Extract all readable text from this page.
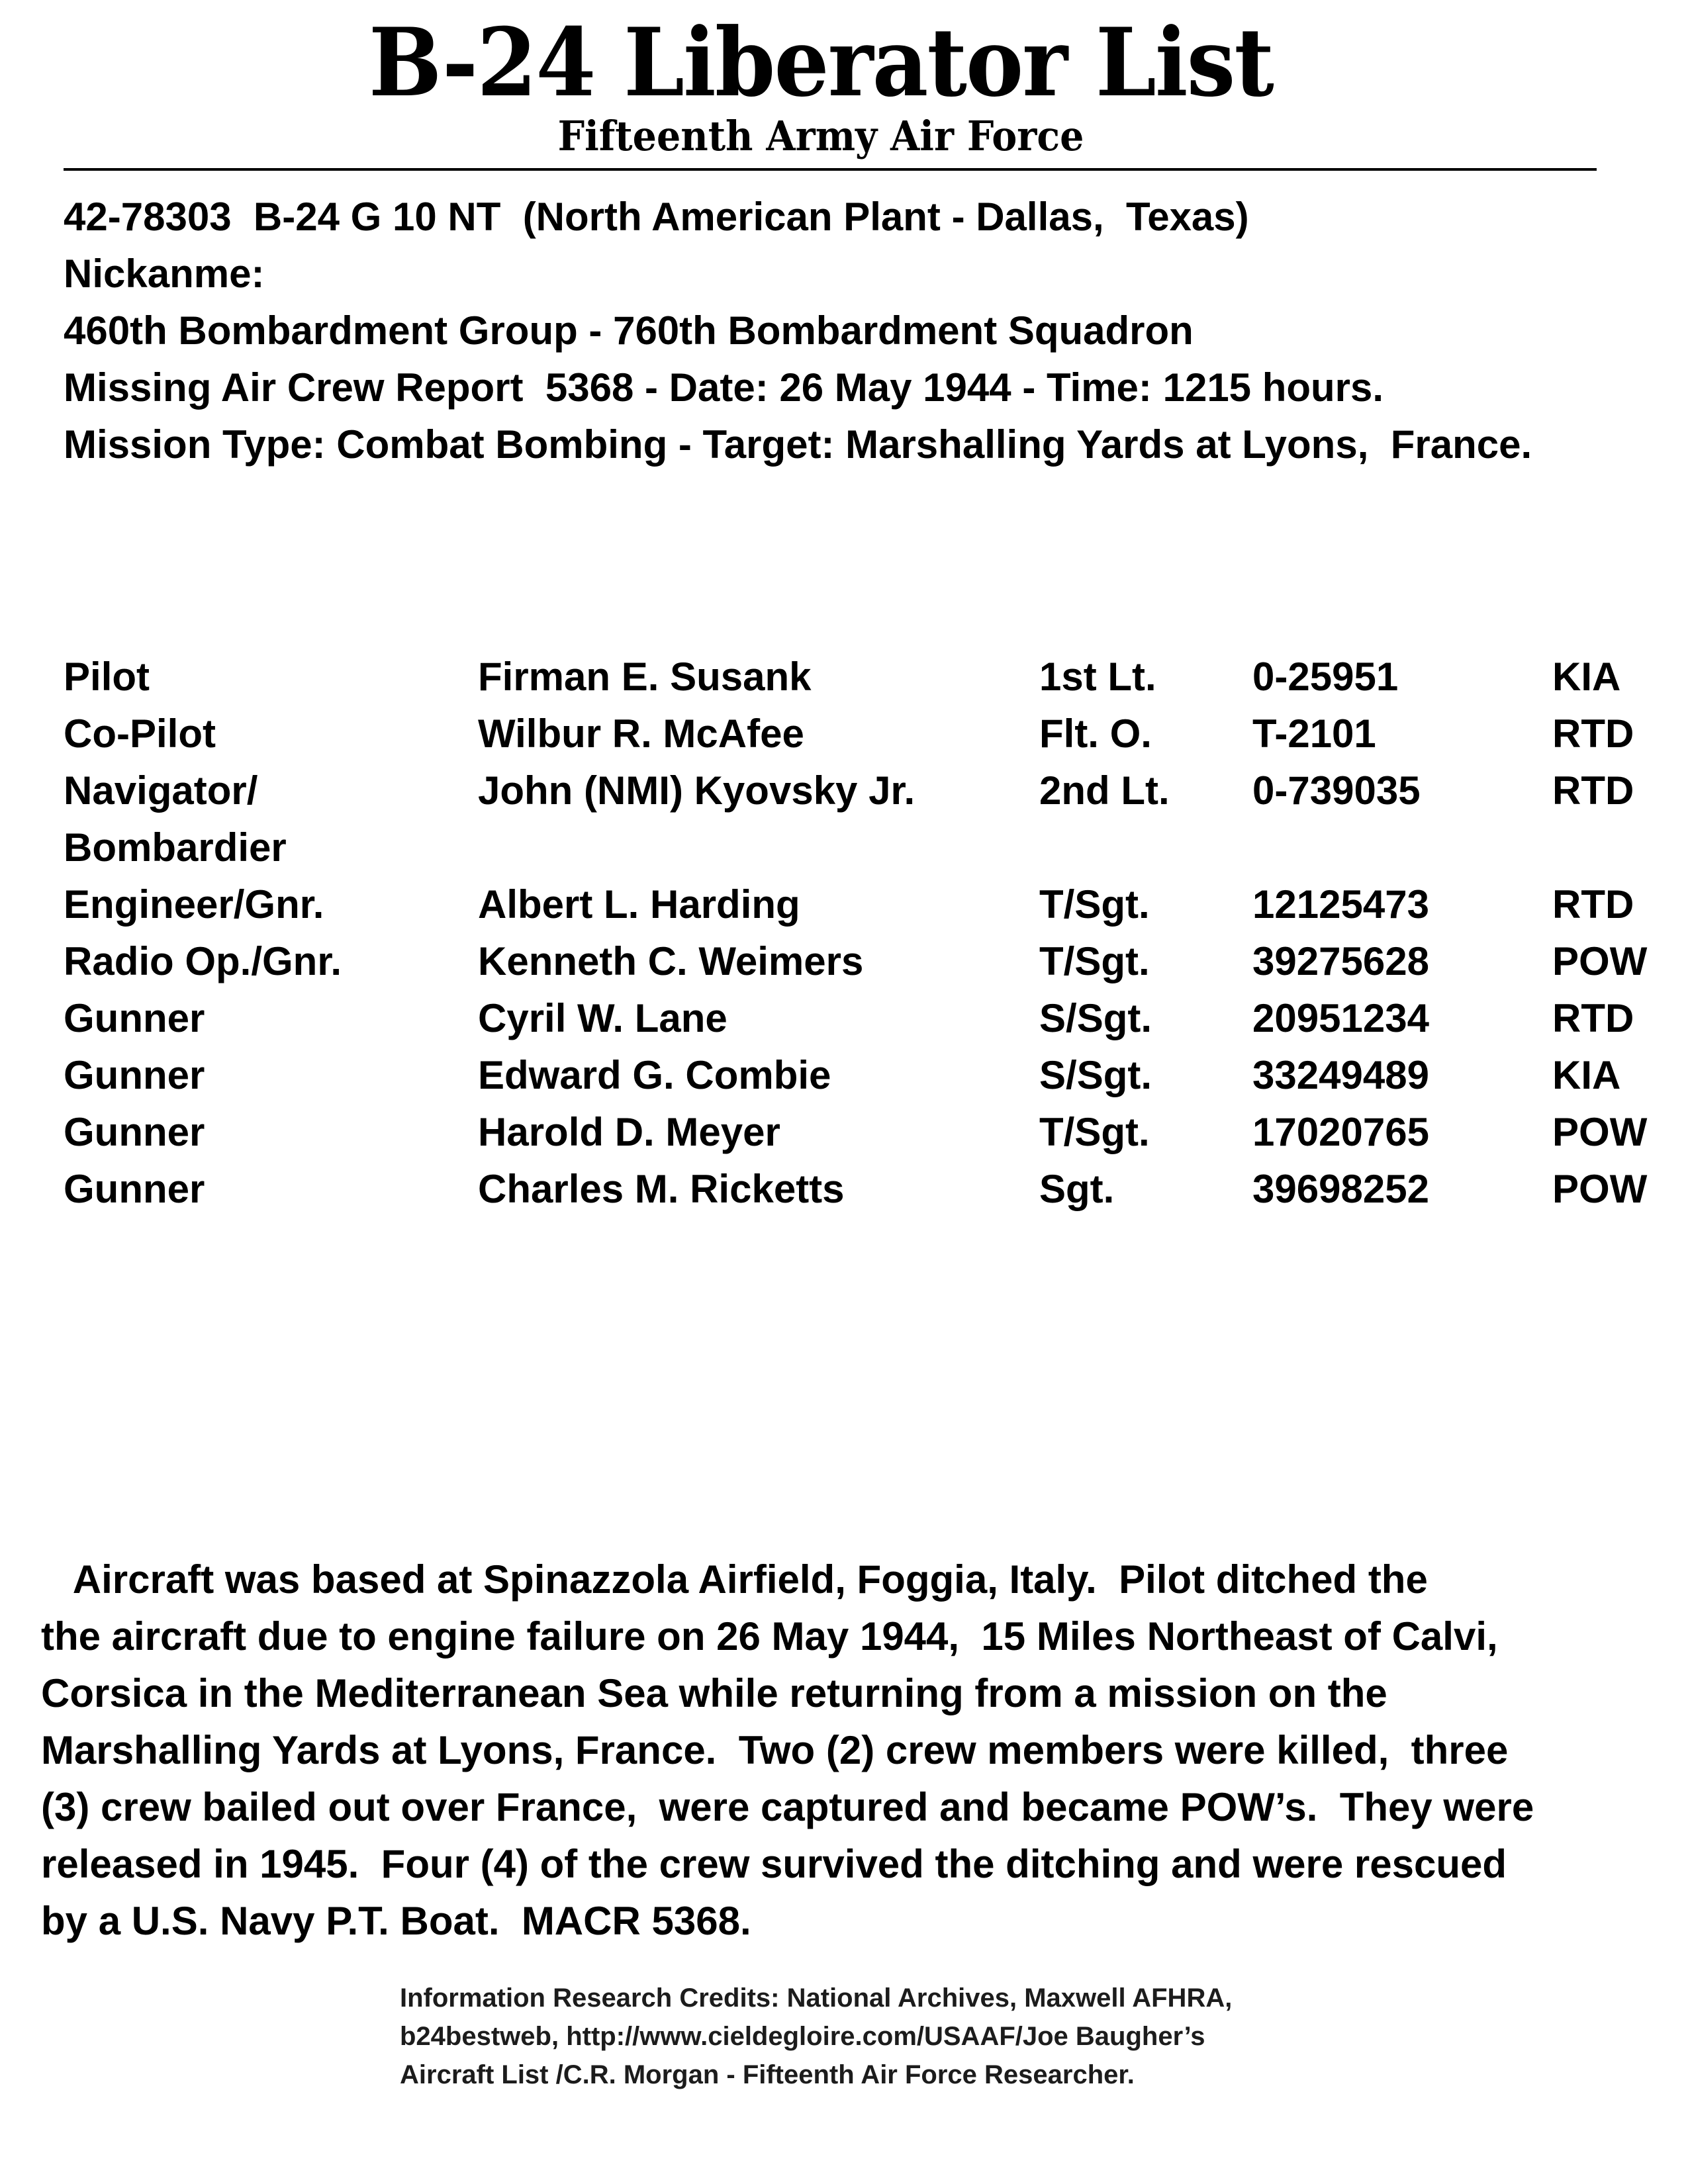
B-24 Liberator List
Fifteenth Army Air Force
42-78303  B-24 G 10 NT  (North American Plant - Dallas,  Texas)
Nickanme:
460th Bombardment Group - 760th Bombardment Squadron
Missing Air Crew Report  5368 - Date: 26 May 1944 - Time: 1215 hours.
Mission Type: Combat Bombing - Target: Marshalling Yards at Lyons,  France.
Pilot	Firman E. Susank	1st Lt.	0-25951	KIA

Co-Pilot	Wilbur R. McAfee	Flt. O.	T-2101	RTD

Navigator/
Bombardier	John (NMI) Kyovsky Jr.	2nd Lt.	0-739035	RTD

Engineer/Gnr.	Albert L. Harding	T/Sgt.	12125473	RTD

Radio Op./Gnr.	Kenneth C. Weimers	T/Sgt.	39275628	POW

Gunner	Cyril W. Lane	S/Sgt.	20951234	RTD

Gunner	Edward G. Combie	S/Sgt.	33249489	KIA

Gunner	Harold D. Meyer	T/Sgt.	17020765	POW

Gunner	Charles M. Ricketts	Sgt.	39698252	POW
Aircraft was based at Spinazzola Airfield, Foggia, Italy.  Pilot ditched the
the aircraft due to engine failure on 26 May 1944,  15 Miles Northeast of Calvi,
Corsica in the Mediterranean Sea while returning from a mission on the
Marshalling Yards at Lyons, France.  Two (2) crew members were killed,  three
(3) crew bailed out over France,  were captured and became POW’s.  They were
released in 1945.  Four (4) of the crew survived the ditching and were rescued
by a U.S. Navy P.T. Boat.  MACR 5368.
Information Research Credits: National Archives, Maxwell AFHRA,
b24bestweb, http://www.cieldegloire.com/USAAF/Joe Baugher’s
Aircraft List /C.R. Morgan - Fifteenth Air Force Researcher.
